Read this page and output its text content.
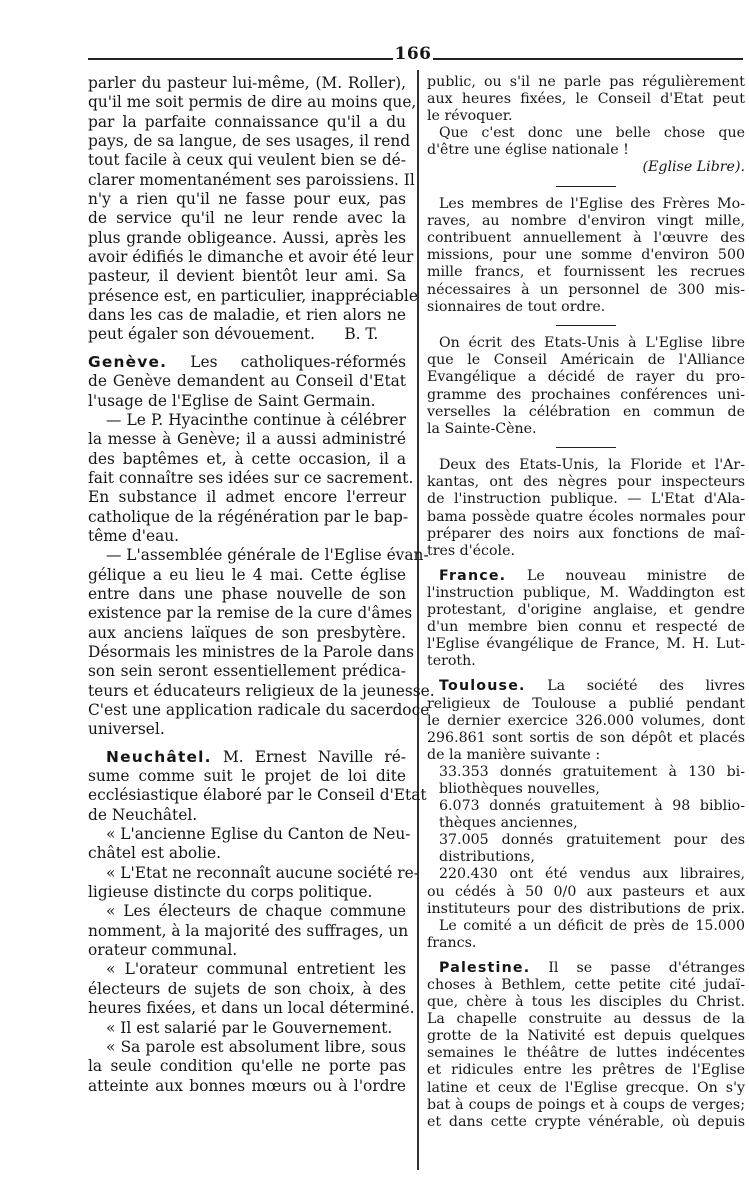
166
parler du pasteur lui-même, (M. Roller),
qu'il me soit permis de dire au moins que,
par la parfaite connaissance qu'il a du
pays, de sa langue, de ses usages, il rend
tout facile à ceux qui veulent bien se dé-
clarer momentanément ses paroissiens. Il
n'y a rien qu'il ne fasse pour eux, pas
de service qu'il ne leur rende avec la
plus grande obligeance. Aussi, après les
avoir édifiés le dimanche et avoir été leur
pasteur, il devient bientôt leur ami. Sa
présence est, en particulier, inappréciable
dans les cas de maladie, et rien alors ne
peut égaler son dévouement.      B. T.
Genève. Les catholiques-réformés
de Genève demandent au Conseil d'Etat
l'usage de l'Eglise de Saint Germain.
— Le P. Hyacinthe continue à célébrer
la messe à Genève; il a aussi administré
des baptêmes et, à cette occasion, il a
fait connaître ses idées sur ce sacrement.
En substance il admet encore l'erreur
catholique de la régénération par le bap-
tême d'eau.
— L'assemblée générale de l'Eglise évan-
gélique a eu lieu le 4 mai. Cette église
entre dans une phase nouvelle de son
existence par la remise de la cure d'âmes
aux anciens laïques de son presbytère.
Désormais les ministres de la Parole dans
son sein seront essentiellement prédica-
teurs et éducateurs religieux de la jeunesse.
C'est une application radicale du sacerdoce
universel.
Neuchâtel. M. Ernest Naville ré-
sume comme suit le projet de loi dite
ecclésiastique élaboré par le Conseil d'Etat
de Neuchâtel.
« L'ancienne Eglise du Canton de Neu-
châtel est abolie.
« L'Etat ne reconnaît aucune société re-
ligieuse distincte du corps politique.
« Les électeurs de chaque commune
nomment, à la majorité des suffrages, un
orateur communal.
« L'orateur communal entretient les
électeurs de sujets de son choix, à des
heures fixées, et dans un local déterminé.
« Il est salarié par le Gouvernement.
« Sa parole est absolument libre, sous
la seule condition qu'elle ne porte pas
atteinte aux bonnes mœurs ou à l'ordre
public, ou s'il ne parle pas régulièrement
aux heures fixées, le Conseil d'Etat peut
le révoquer.
Que c'est donc une belle chose que
d'être une église nationale !
(Eglise Libre).
Les membres de l'Eglise des Frères Mo-
raves, au nombre d'environ vingt mille,
contribuent annuellement à l'œuvre des
missions, pour une somme d'environ 500
mille francs, et fournissent les recrues
nécessaires à un personnel de 300 mis-
sionnaires de tout ordre.
On écrit des Etats-Unis à L'Eglise libre
que le Conseil Américain de l'Alliance
Evangélique a décidé de rayer du pro-
gramme des prochaines conférences uni-
verselles la célébration en commun de
la Sainte-Cène.
Deux des Etats-Unis, la Floride et l'Ar-
kantas, ont des nègres pour inspecteurs
de l'instruction publique. — L'Etat d'Ala-
bama possède quatre écoles normales pour
préparer des noirs aux fonctions de maî-
tres d'école.
France. Le nouveau ministre de
l'instruction publique, M. Waddington est
protestant, d'origine anglaise, et gendre
d'un membre bien connu et respecté de
l'Eglise évangélique de France, M. H. Lut-
teroth.
Toulouse. La société des livres
religieux de Toulouse a publié pendant
le dernier exercice 326.000 volumes, dont
296.861 sont sortis de son dépôt et placés
de la manière suivante :
33.353 donnés gratuitement à 130 bi-
bliothèques nouvelles,
6.073 donnés gratuitement à 98 biblio-
thèques anciennes,
37.005 donnés gratuitement pour des
distributions,
220.430 ont été vendus aux libraires,
ou cédés à 50 0/0 aux pasteurs et aux
instituteurs pour des distributions de prix.
Le comité a un déficit de près de 15.000
francs.
Palestine. Il se passe d'étranges
choses à Bethlem, cette petite cité judaï-
que, chère à tous les disciples du Christ.
La chapelle construite au dessus de la
grotte de la Nativité est depuis quelques
semaines le théâtre de luttes indécentes
et ridicules entre les prêtres de l'Eglise
latine et ceux de l'Eglise grecque. On s'y
bat à coups de poings et à coups de verges;
et dans cette crypte vénérable, où depuis
